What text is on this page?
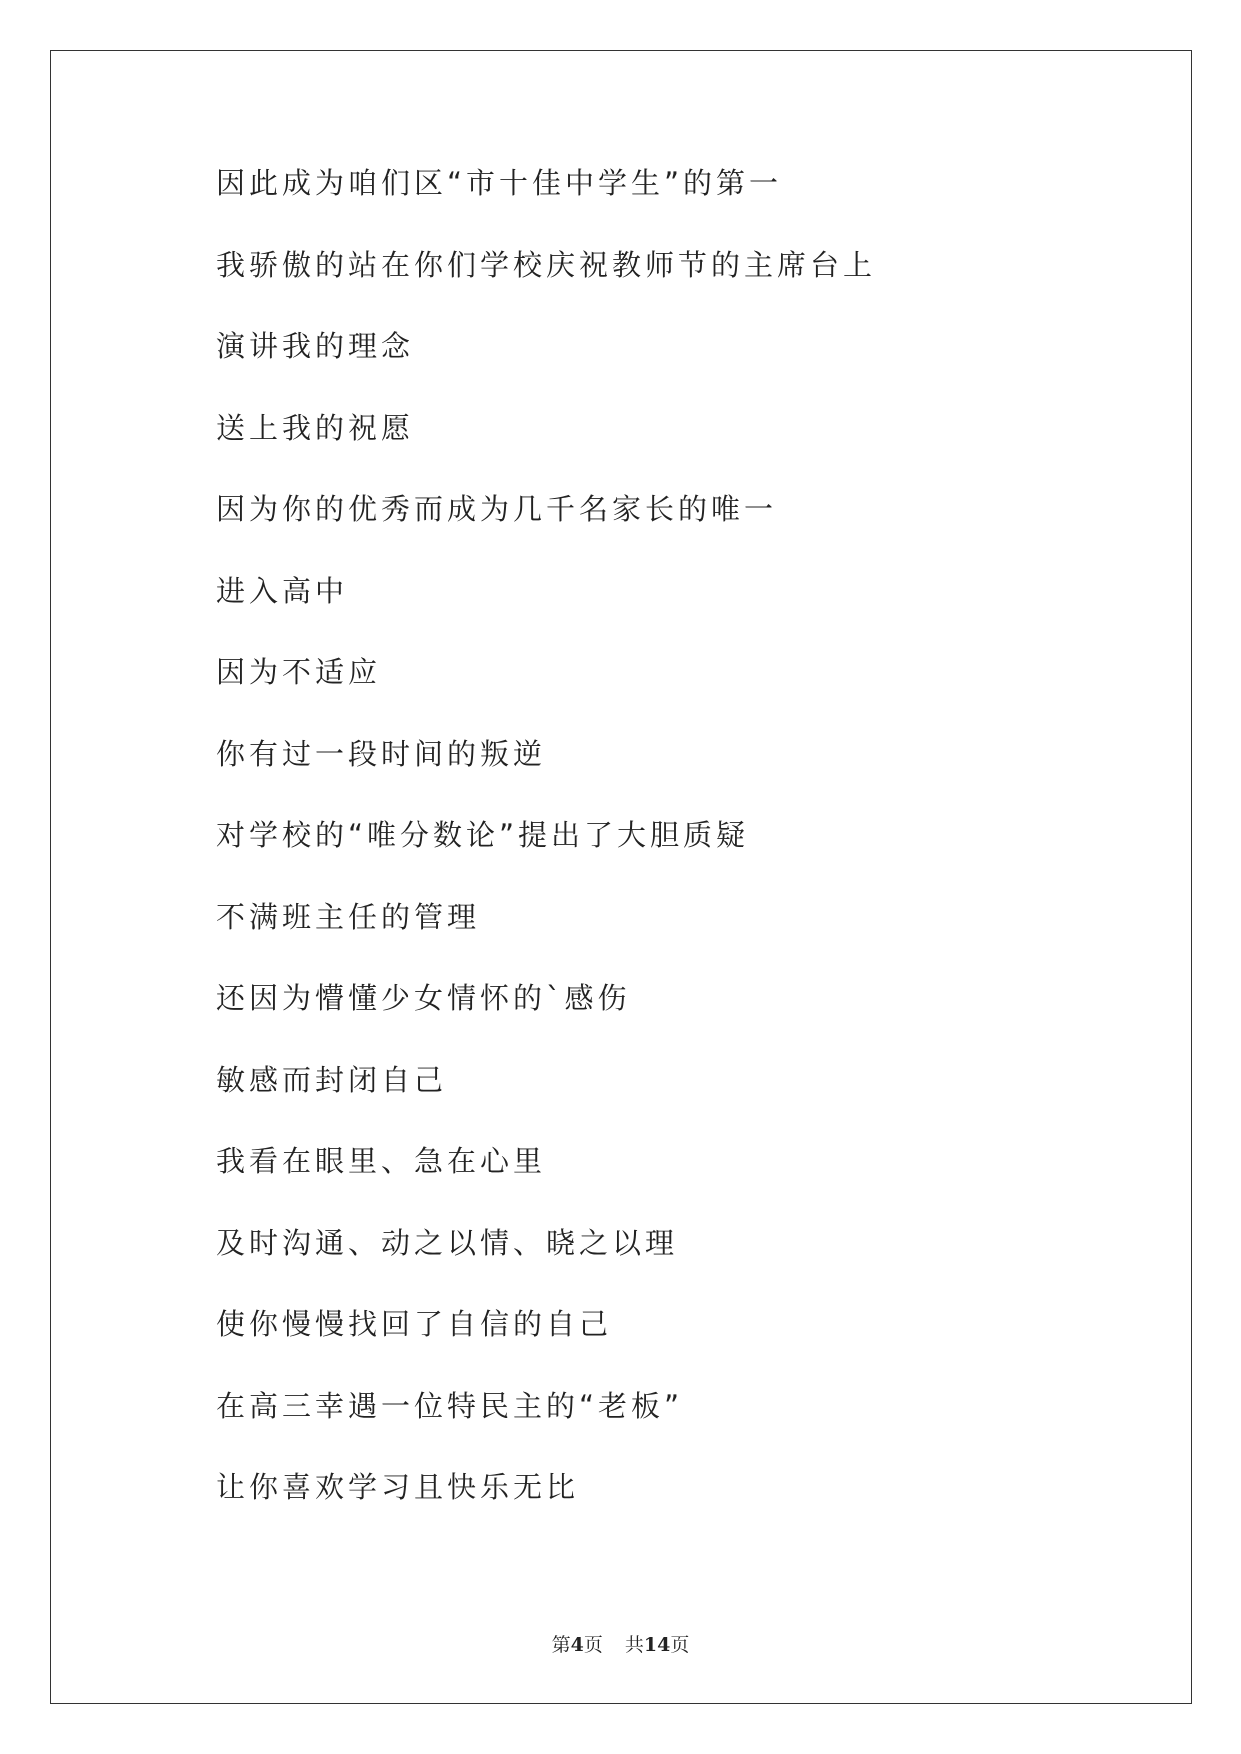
因此成为咱们区“市十佳中学生”的第一
我骄傲的站在你们学校庆祝教师节的主席台上
演讲我的理念
送上我的祝愿
因为你的优秀而成为几千名家长的唯一
进入高中
因为不适应
你有过一段时间的叛逆
对学校的“唯分数论”提出了大胆质疑
不满班主任的管理
还因为懵懂少女情怀的`感伤
敏感而封闭自己
我看在眼里、急在心里
及时沟通、动之以情、晓之以理
使你慢慢找回了自信的自己
在高三幸遇一位特民主的“老板”
让你喜欢学习且快乐无比
第4页 共14页
